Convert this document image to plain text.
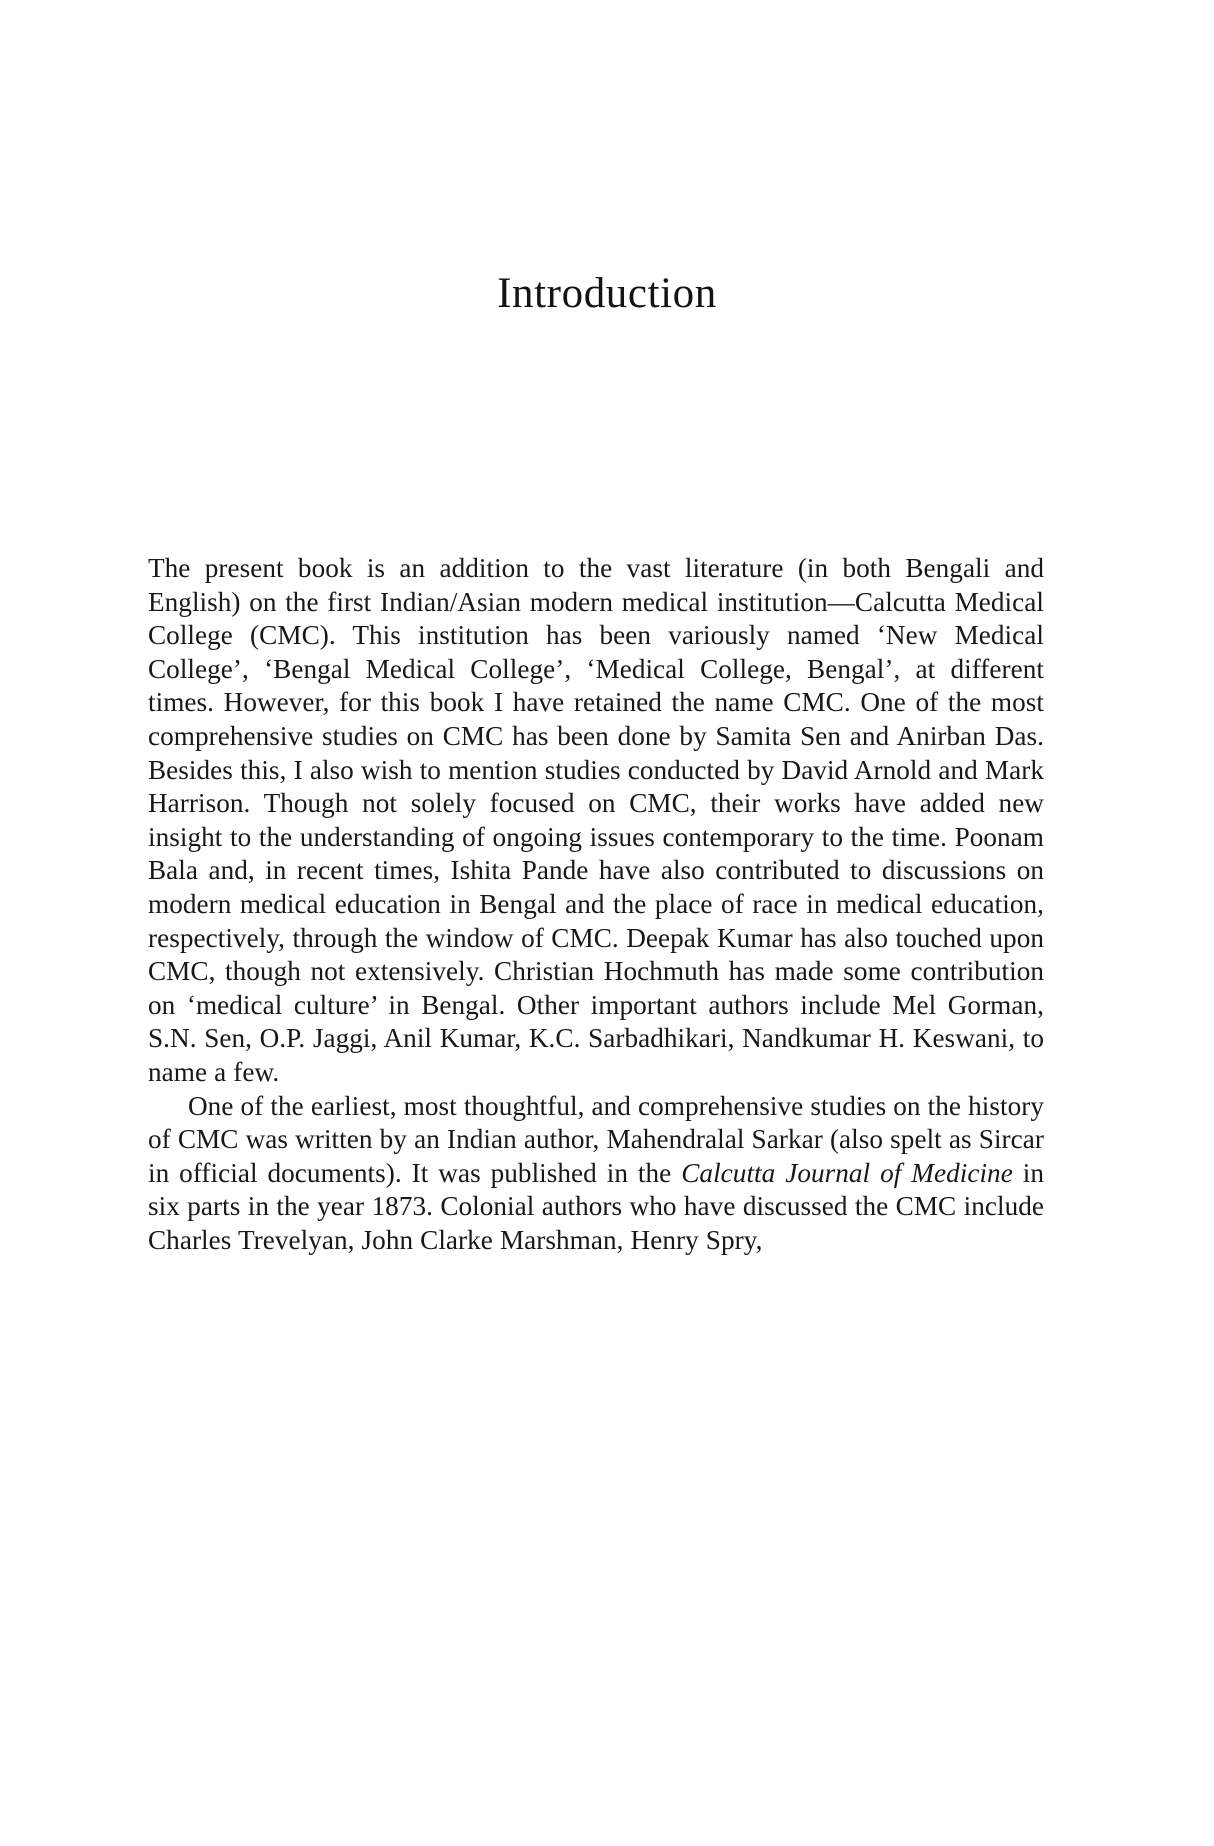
Introduction

The present book is an addition to the vast literature (in both Bengali and English) on the first Indian/Asian modern medical institution—Calcutta Medical College (CMC). This institution has been variously named ‘New Medical College’, ‘Bengal Medical College’, ‘Medical College, Bengal’, at different times. However, for this book I have retained the name CMC. One of the most comprehensive studies on CMC has been done by Samita Sen and Anirban Das. Besides this, I also wish to mention studies conducted by David Arnold and Mark Harrison. Though not solely focused on CMC, their works have added new insight to the understanding of ongoing issues contemporary to the time. Poonam Bala and, in recent times, Ishita Pande have also contributed to discussions on modern medical education in Bengal and the place of race in medical education, respectively, through the window of CMC. Deepak Kumar has also touched upon CMC, though not extensively. Christian Hochmuth has made some contribution on ‘medical culture’ in Bengal. Other important authors include Mel Gorman, S.N. Sen, O.P. Jaggi, Anil Kumar, K.C. Sarbadhikari, Nandkumar H. Keswani, to name a few.

One of the earliest, most thoughtful, and comprehensive studies on the history of CMC was written by an Indian author, Mahendralal Sarkar (also spelt as Sircar in official documents). It was published in the Calcutta Journal of Medicine in six parts in the year 1873. Colonial authors who have discussed the CMC include Charles Trevelyan, John Clarke Marshman, Henry Spry,
